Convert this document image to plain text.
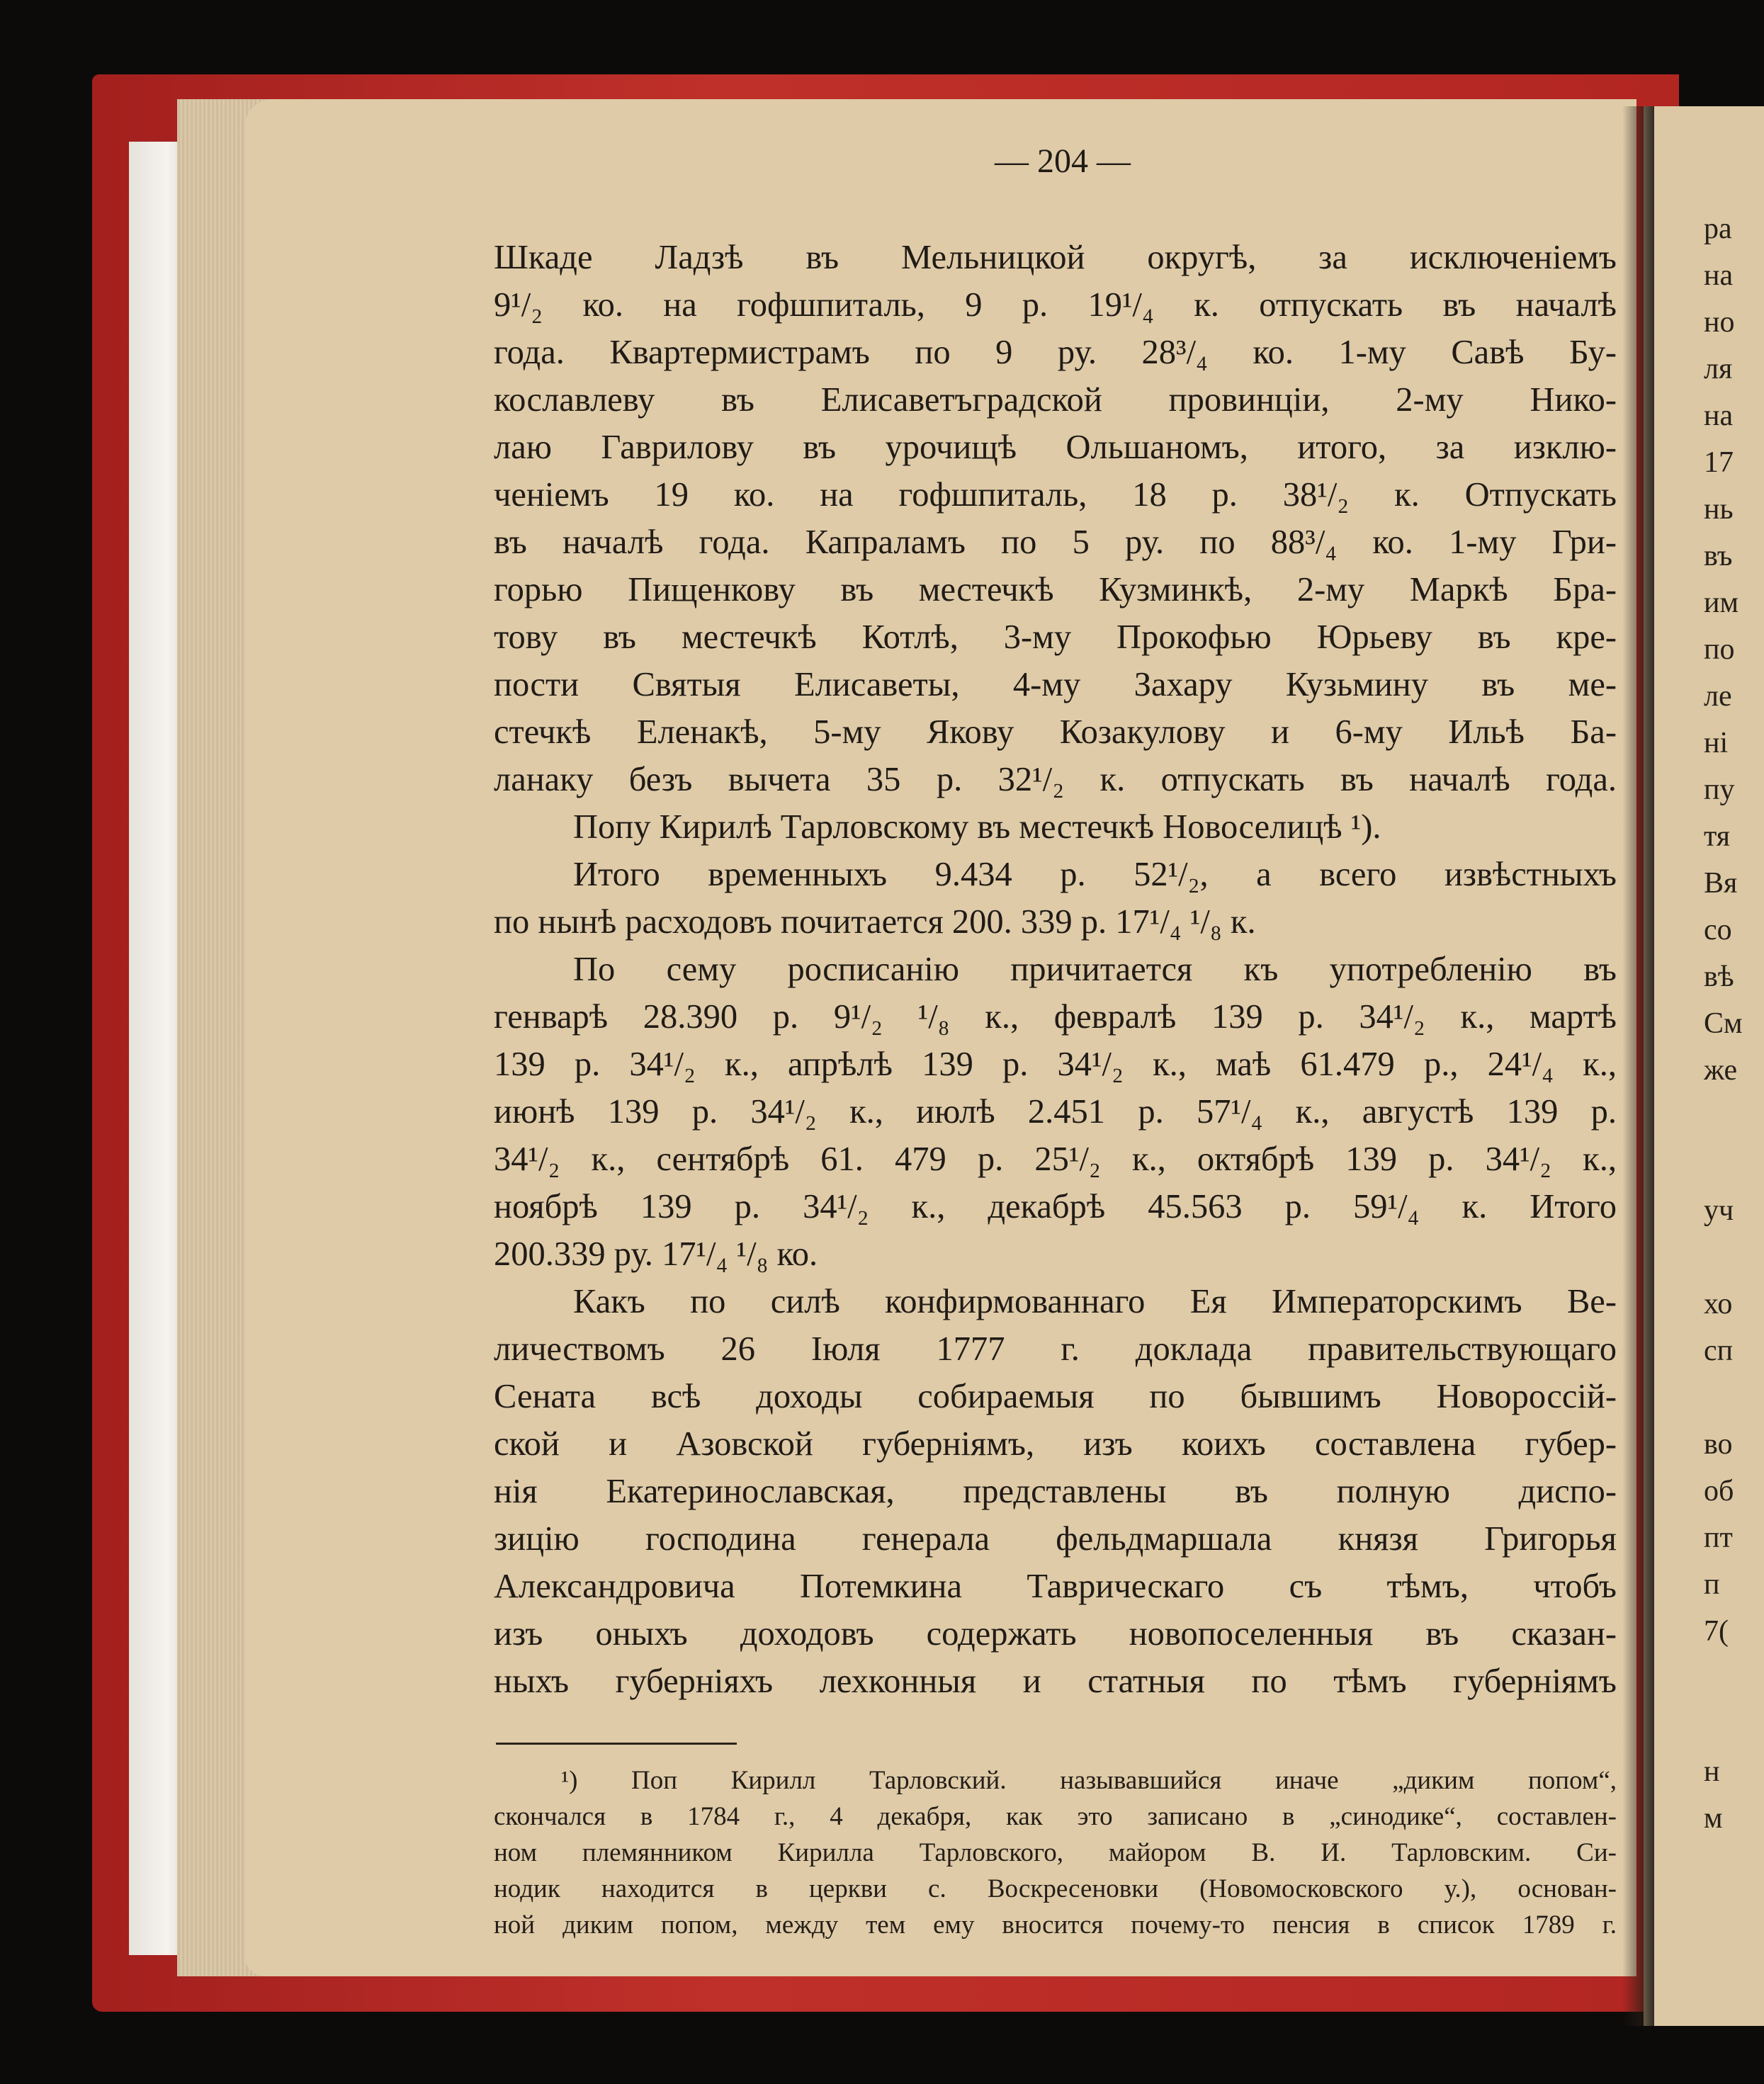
— 204 —

Шкаде Ладзѣ въ Мельницкой округѣ, за исключеніемъ

9¹/₂ ко. на гофшпиталь, 9 р. 19¹/₄ к. отпускать въ началѣ

года. Квартермистрамъ по 9 ру. 28³/₄ ко. 1-му Савѣ Бу-

кославлеву въ Елисаветъградской провинціи, 2-му Нико-

лаю Гаврилову въ урочищѣ Ольшаномъ, итого, за изклю-

ченіемъ 19 ко. на гофшпиталь, 18 р. 38¹/₂ к. Отпускать

въ началѣ года. Капраламъ по 5 ру. по 88³/₄ ко. 1-му Гри-

горью Пищенкову въ местечкѣ Кузминкѣ, 2-му Маркѣ Бра-

тову въ местечкѣ Котлѣ, 3-му Прокофью Юрьеву въ кре-

пости Святыя Елисаветы, 4-му Захару Кузьмину въ ме-

стечкѣ Еленакѣ, 5-му Якову Козакулову и 6-му Ильѣ Ба-

ланаку безъ вычета 35 р. 32¹/₂ к. отпускать въ началѣ года.

Попу Кирилѣ Тарловскому въ местечкѣ Новоселицѣ ¹).

Итого временныхъ 9.434 р. 52¹/₂, а всего извѣстныхъ

по нынѣ расходовъ почитается 200. 339 р. 17¹/₄ ¹/₈ к.

По сему росписанію причитается къ употребленію въ

генварѣ 28.390 р. 9¹/₂ ¹/₈ к., февралѣ 139 р. 34¹/₂ к., мартѣ

139 р. 34¹/₂ к., апрѣлѣ 139 р. 34¹/₂ к., маѣ 61.479 р., 24¹/₄ к.,

июнѣ 139 р. 34¹/₂ к., июлѣ 2.451 р. 57¹/₄ к., августѣ 139 р.

34¹/₂ к., сентябрѣ 61. 479 р. 25¹/₂ к., октябрѣ 139 р. 34¹/₂ к.,

ноябрѣ 139 р. 34¹/₂ к., декабрѣ 45.563 р. 59¹/₄ к. Итого

200.339 ру. 17¹/₄ ¹/₈ ко.

Какъ по силѣ конфирмованнаго Ея Императорскимъ Ве-

личествомъ 26 Іюля 1777 г. доклада правительствующаго

Сената всѣ доходы собираемыя по бывшимъ Новороссій-

ской и Азовской губерніямъ, изъ коихъ составлена губер-

нія Екатеринославская, представлены въ полную диспо-

зицію господина генерала фельдмаршала князя Григорья

Александровича Потемкина Таврическаго съ тѣмъ, чтобъ

изъ оныхъ доходовъ содержать новопоселенныя въ сказан-

ныхъ губерніяхъ лехконныя и статныя по тѣмъ губерніямъ

¹) Поп Кирилл Тарловский. называвшийся иначе „диким попом“,

скончался в 1784 г., 4 декабря, как это записано в „синодике“, составлен-

ном племянником Кирилла Тарловского, майором В. И. Тарловским. Си-

нодик находится в церкви с. Воскресеновки (Новомосковского у.), основан-

ной диким попом, между тем ему вносится почему-то пенсия в список 1789 г.

ра
на
но
ля
на
17
нь
въ
им
по
ле
ні
пу
тя
Вя
со
вѣ
См
же
уч
хо
сп
во
об
пт
п
7(
н
м
